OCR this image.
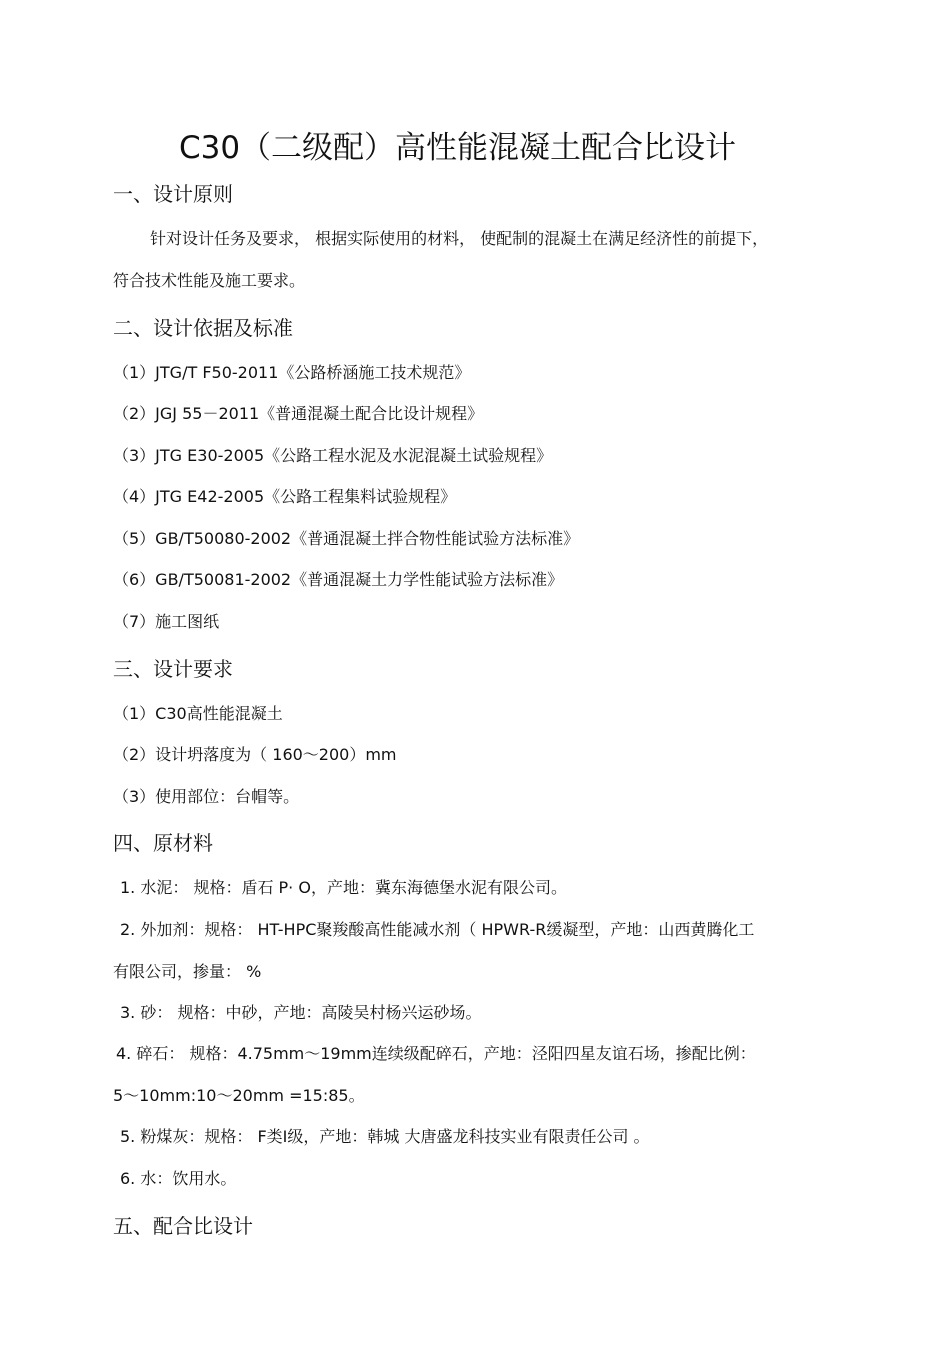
C30（二级配）高性能混凝土配合比设计
一、设计原则
针对设计任务及要求， 根据实际使用的材料， 使配制的混凝土在满足经济性的前提下，
符合技术性能及施工要求。
二、设计依据及标准
（1）JTG/T F50-2011《公路桥涵施工技术规范》
（2）JGJ 55－2011《普通混凝土配合比设计规程》
（3）JTG E30-2005《公路工程水泥及水泥混凝土试验规程》
（4）JTG E42-2005《公路工程集料试验规程》
（5）GB/T50080-2002《普通混凝土拌合物性能试验方法标准》
（6）GB/T50081-2002《普通混凝土力学性能试验方法标准》
（7）施工图纸
三、设计要求
（1）C30高性能混凝土
（2）设计坍落度为（ 160～200）mm
（3）使用部位：台帽等。
四、原材料
1. 水泥： 规格：盾石 P· O，产地：冀东海德堡水泥有限公司。
2. 外加剂：规格： HT-HPC聚羧酸高性能减水剂（ HPWR-R缓凝型，产地：山西黄腾化工
有限公司，掺量： %
3. 砂： 规格：中砂，产地：高陵吴村杨兴运砂场。
4. 碎石： 规格：4.75mm～19mm连续级配碎石，产地：泾阳四星友谊石场，掺配比例：
5～10mm:10～20mm =15:85。
5. 粉煤灰：规格： F类Ⅰ级，产地：韩城 大唐盛龙科技实业有限责任公司 。
6. 水：饮用水。
五、配合比设计
